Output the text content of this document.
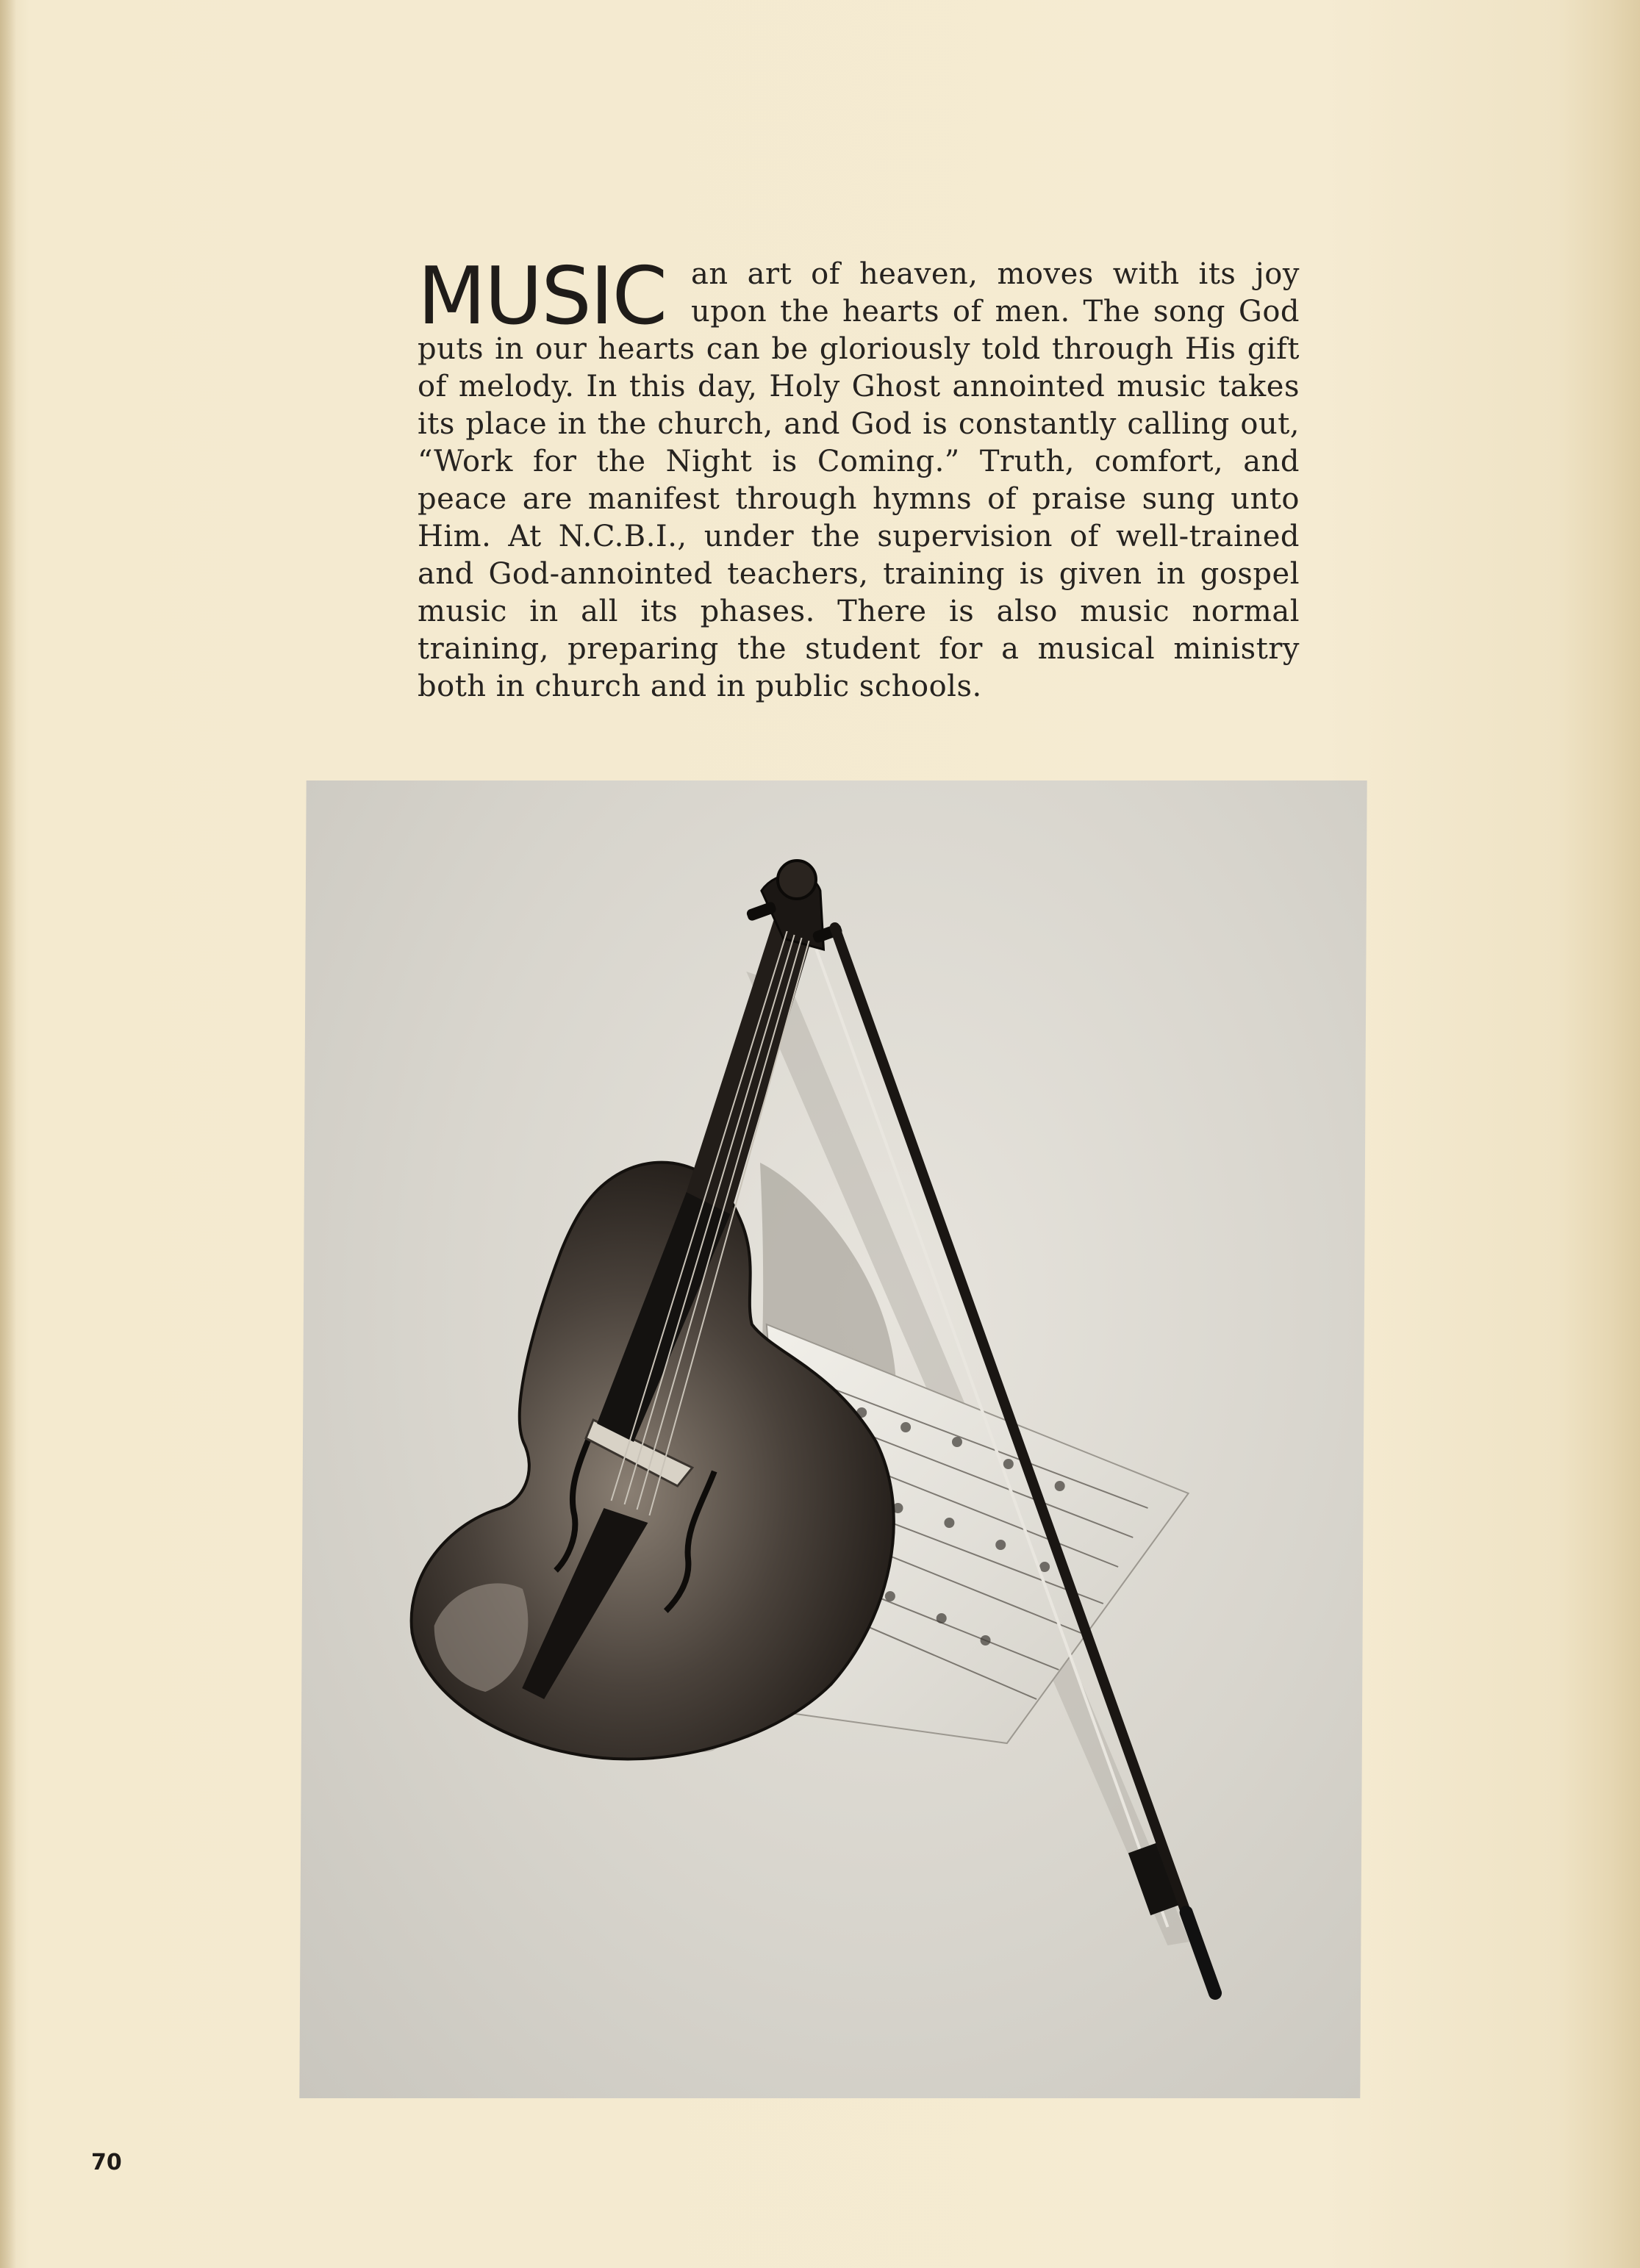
MUSIC an art of heaven, moves with its joy upon the hearts of men. The song God puts in our hearts can be gloriously told through His gift of melody. In this day, Holy Ghost annointed music takes its place in the church, and God is constantly calling out, “Work for the Night is Coming.” Truth, comfort, and peace are manifest through hymns of praise sung unto Him. At N.C.B.I., under the supervision of well-trained and God-annointed teachers, training is given in gospel music in all its phases. There is also music normal training, preparing the student for a musical ministry both in church and in public schools.
70
